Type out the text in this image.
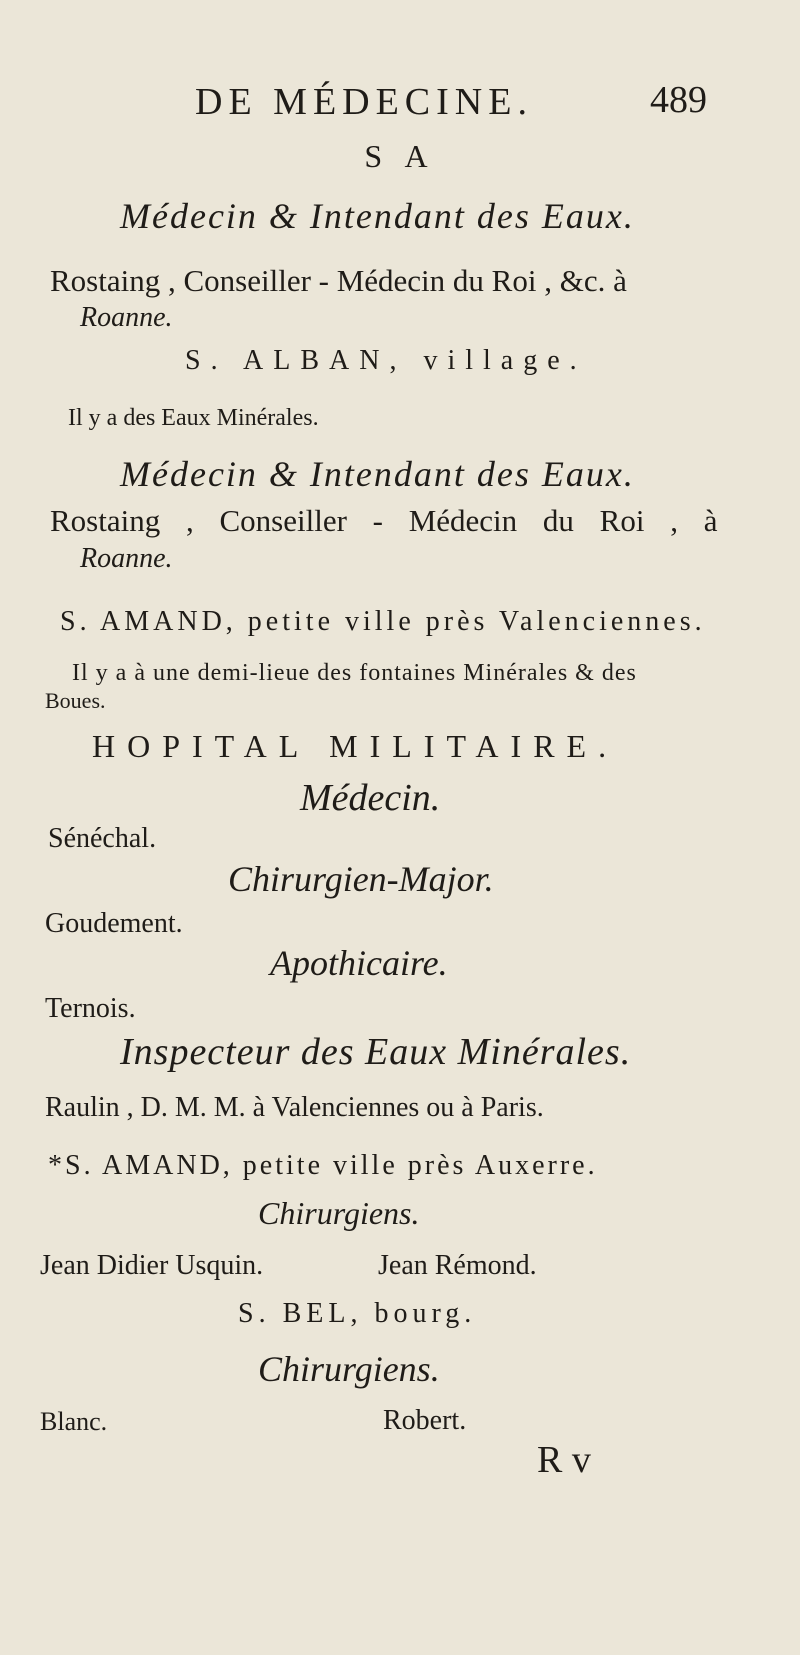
DE MÉDECINE.	489
S A
Médecin & Intendant des Eaux.
Rostaing , Conseiller - Médecin du Roi , &c. à
Roanne.
S. ALBAN, village.
Il y a des Eaux Minérales.
Médecin & Intendant des Eaux.
Rostaing , Conseiller - Médecin du Roi , à
Roanne.
S. AMAND, petite ville près Valenciennes.
Il y a à une demi-lieue des fontaines Minérales & des
Boues.
HOPITAL MILITAIRE.
Médecin.
Sénéchal.
Chirurgien-Major.
Goudement.
Apothicaire.
Ternois.
Inspecteur des Eaux Minérales.
Raulin , D. M. M. à Valenciennes ou à Paris.
*S. AMAND, petite ville près Auxerre.
Chirurgiens.
Jean Didier Usquin.	Jean Rémond.
S. BEL, bourg.
Chirurgiens.
Blanc.	Robert.
R v
